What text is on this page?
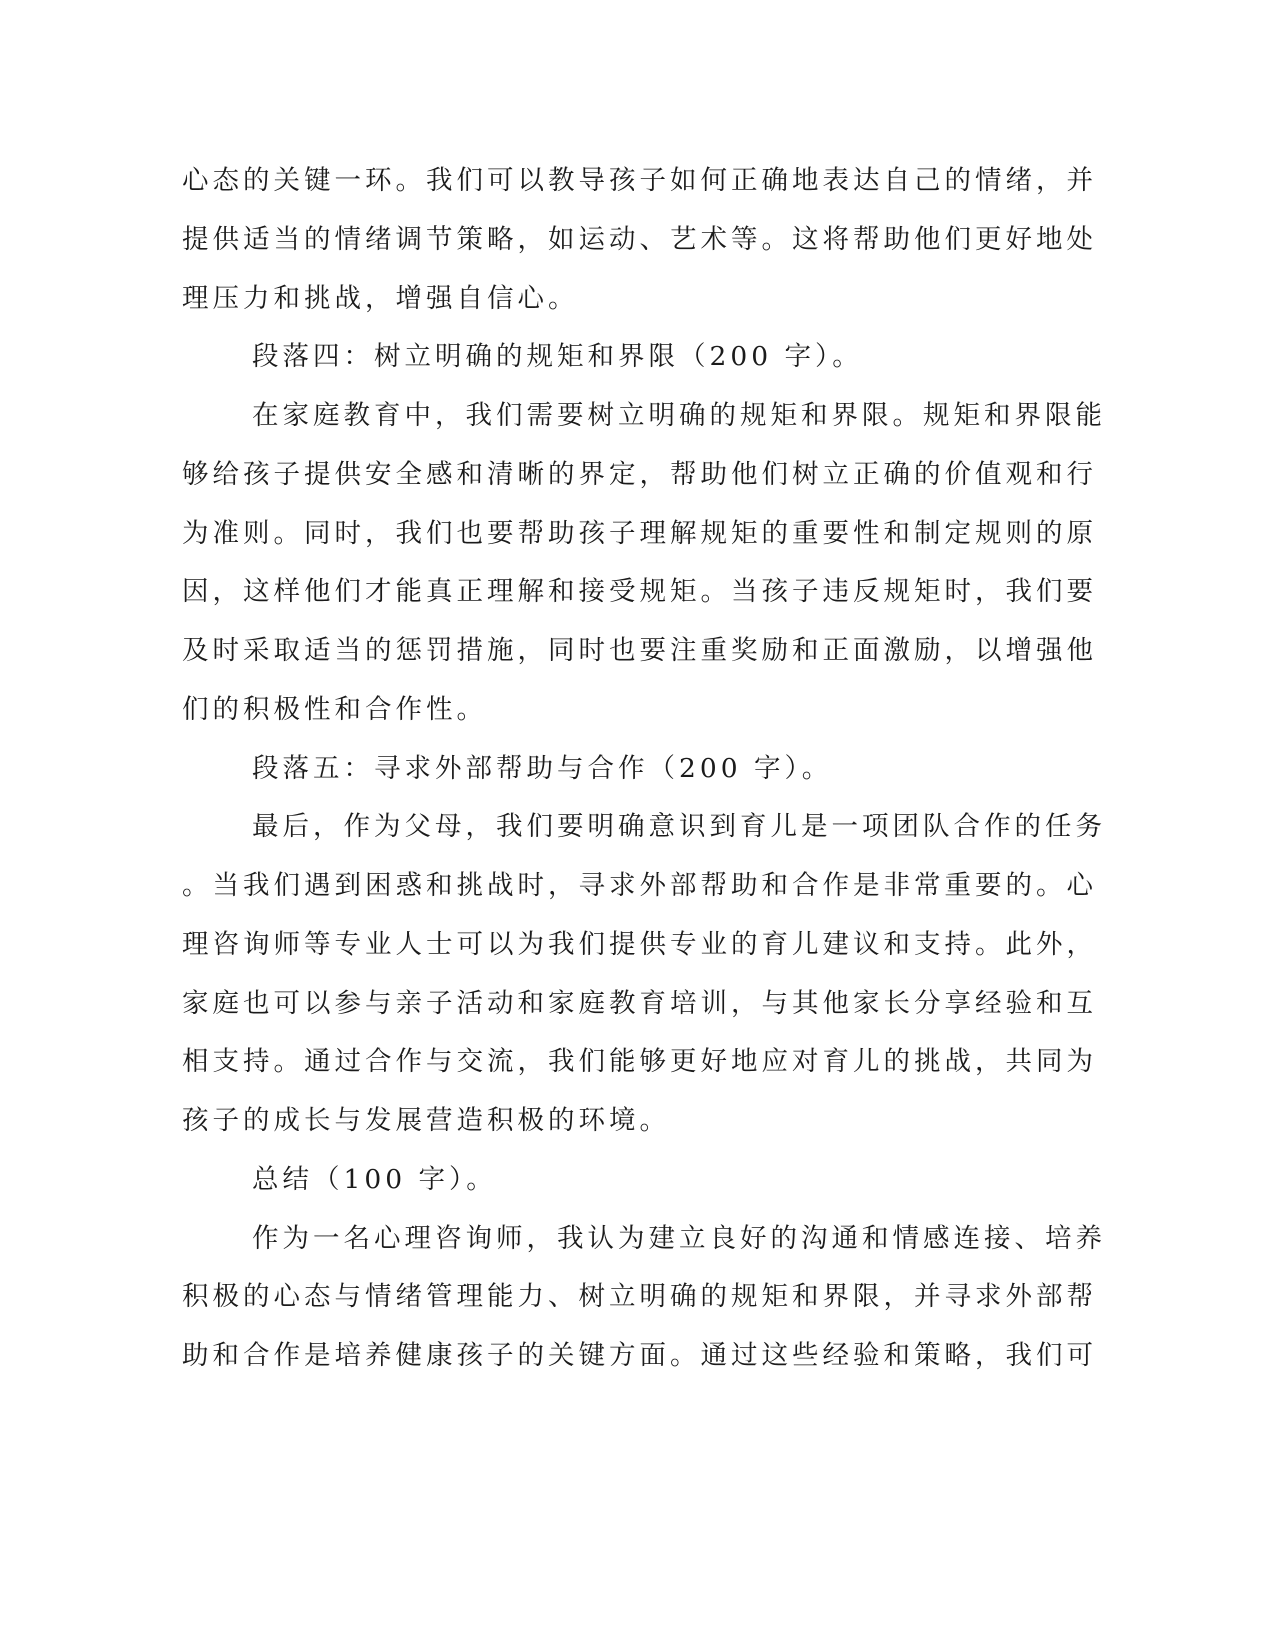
心态的关键一环。我们可以教导孩子如何正确地表达自己的情绪，并

提供适当的情绪调节策略，如运动、艺术等。这将帮助他们更好地处

理压力和挑战，增强自信心。

段落四：树立明确的规矩和界限（200 字）。

在家庭教育中，我们需要树立明确的规矩和界限。规矩和界限能

够给孩子提供安全感和清晰的界定，帮助他们树立正确的价值观和行

为准则。同时，我们也要帮助孩子理解规矩的重要性和制定规则的原

因，这样他们才能真正理解和接受规矩。当孩子违反规矩时，我们要

及时采取适当的惩罚措施，同时也要注重奖励和正面激励，以增强他

们的积极性和合作性。

段落五：寻求外部帮助与合作（200 字）。

最后，作为父母，我们要明确意识到育儿是一项团队合作的任务

。当我们遇到困惑和挑战时，寻求外部帮助和合作是非常重要的。心

理咨询师等专业人士可以为我们提供专业的育儿建议和支持。此外，

家庭也可以参与亲子活动和家庭教育培训，与其他家长分享经验和互

相支持。通过合作与交流，我们能够更好地应对育儿的挑战，共同为

孩子的成长与发展营造积极的环境。

总结（100 字）。

作为一名心理咨询师，我认为建立良好的沟通和情感连接、培养

积极的心态与情绪管理能力、树立明确的规矩和界限，并寻求外部帮

助和合作是培养健康孩子的关键方面。通过这些经验和策略，我们可
